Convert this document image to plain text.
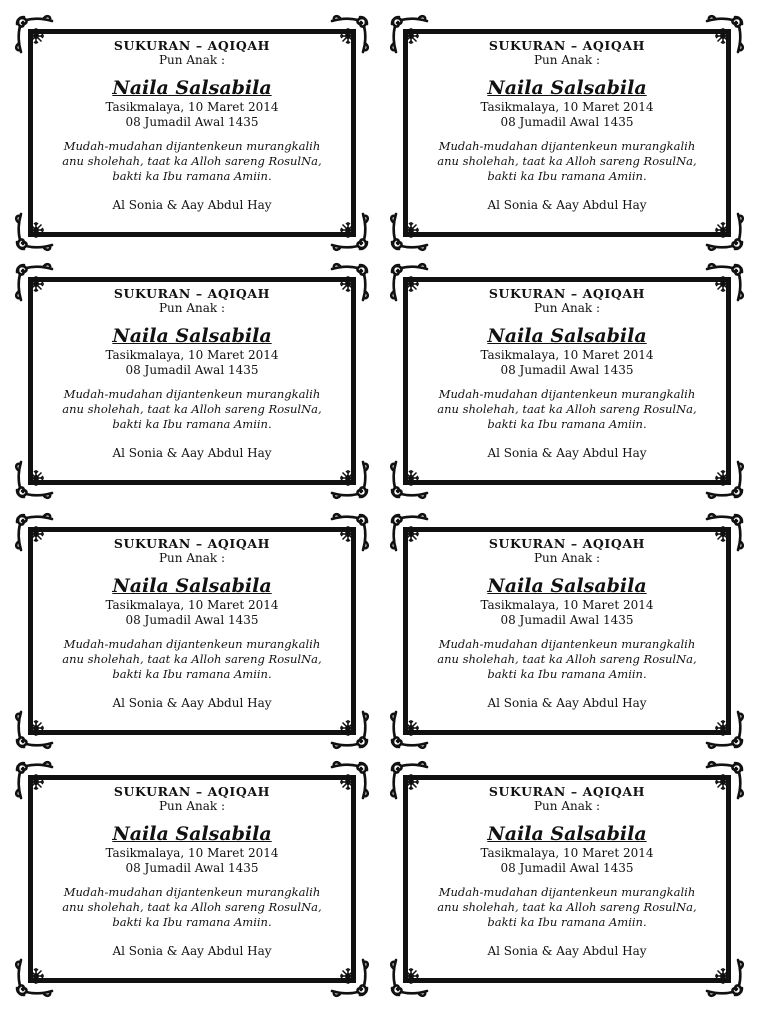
SUKURAN – AQIQAH
Pun Anak :
Naila Salsabila
Tasikmalaya, 10 Maret 2014
08 Jumadil Awal 1435
Mudah-mudahan dijantenkeun murangkalih
anu sholehah, taat ka Alloh sareng RosulNa,
bakti ka Ibu ramana Amiin.
Al Sonia & Aay Abdul Hay
SUKURAN – AQIQAH
Pun Anak :
Naila Salsabila
Tasikmalaya, 10 Maret 2014
08 Jumadil Awal 1435
Mudah-mudahan dijantenkeun murangkalih
anu sholehah, taat ka Alloh sareng RosulNa,
bakti ka Ibu ramana Amiin.
Al Sonia & Aay Abdul Hay
SUKURAN – AQIQAH
Pun Anak :
Naila Salsabila
Tasikmalaya, 10 Maret 2014
08 Jumadil Awal 1435
Mudah-mudahan dijantenkeun murangkalih
anu sholehah, taat ka Alloh sareng RosulNa,
bakti ka Ibu ramana Amiin.
Al Sonia & Aay Abdul Hay
SUKURAN – AQIQAH
Pun Anak :
Naila Salsabila
Tasikmalaya, 10 Maret 2014
08 Jumadil Awal 1435
Mudah-mudahan dijantenkeun murangkalih
anu sholehah, taat ka Alloh sareng RosulNa,
bakti ka Ibu ramana Amiin.
Al Sonia & Aay Abdul Hay
SUKURAN – AQIQAH
Pun Anak :
Naila Salsabila
Tasikmalaya, 10 Maret 2014
08 Jumadil Awal 1435
Mudah-mudahan dijantenkeun murangkalih
anu sholehah, taat ka Alloh sareng RosulNa,
bakti ka Ibu ramana Amiin.
Al Sonia & Aay Abdul Hay
SUKURAN – AQIQAH
Pun Anak :
Naila Salsabila
Tasikmalaya, 10 Maret 2014
08 Jumadil Awal 1435
Mudah-mudahan dijantenkeun murangkalih
anu sholehah, taat ka Alloh sareng RosulNa,
bakti ka Ibu ramana Amiin.
Al Sonia & Aay Abdul Hay
SUKURAN – AQIQAH
Pun Anak :
Naila Salsabila
Tasikmalaya, 10 Maret 2014
08 Jumadil Awal 1435
Mudah-mudahan dijantenkeun murangkalih
anu sholehah, taat ka Alloh sareng RosulNa,
bakti ka Ibu ramana Amiin.
Al Sonia & Aay Abdul Hay
SUKURAN – AQIQAH
Pun Anak :
Naila Salsabila
Tasikmalaya, 10 Maret 2014
08 Jumadil Awal 1435
Mudah-mudahan dijantenkeun murangkalih
anu sholehah, taat ka Alloh sareng RosulNa,
bakti ka Ibu ramana Amiin.
Al Sonia & Aay Abdul Hay
